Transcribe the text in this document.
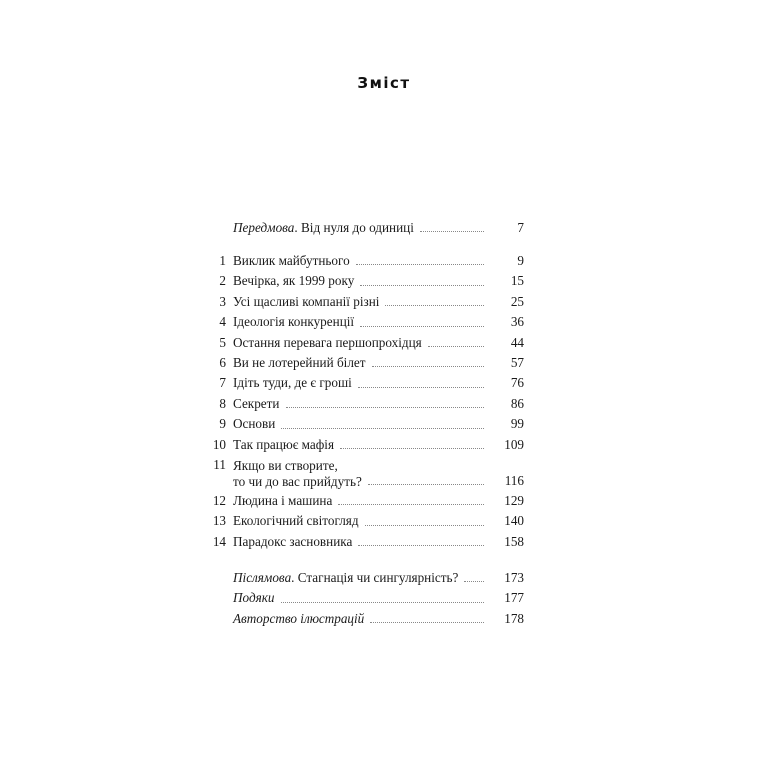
Зміст
Передмова. Від нуля до одиниці	7
1 Виклик майбутнього	9
2 Вечірка, як 1999 року	15
3 Усі щасливі компанії різні	25
4 Ідеологія конкуренції	36
5 Остання перевага першопрохідця	44
6 Ви не лотерейний білет	57
7 Ідіть туди, де є гроші	76
8 Секрети	86
9 Основи	99
10 Так працює мафія	109
11 Якщо ви створите,
то чи до вас прийдуть?	116
12 Людина і машина	129
13 Екологічний світогляд	140
14 Парадокс засновника	158
Післямова. Стагнація чи сингулярність?	173
Подяки	177
Авторство ілюстрацій	178
